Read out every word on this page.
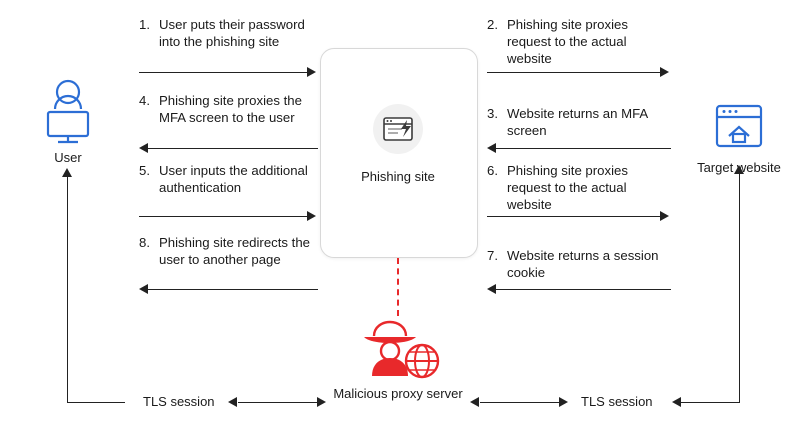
User
Target website
Phishing site
Malicious proxy server
1. User puts their password into the phishing site
4. Phishing site proxies the MFA screen to the user
5. User inputs the additional authentication
8. Phishing site redirects the user to another page
2. Phishing site proxies request to the actual website
3. Website returns an MFA screen
6. Phishing site proxies request to the actual website
7. Website returns a session cookie
TLS session	TLS session
